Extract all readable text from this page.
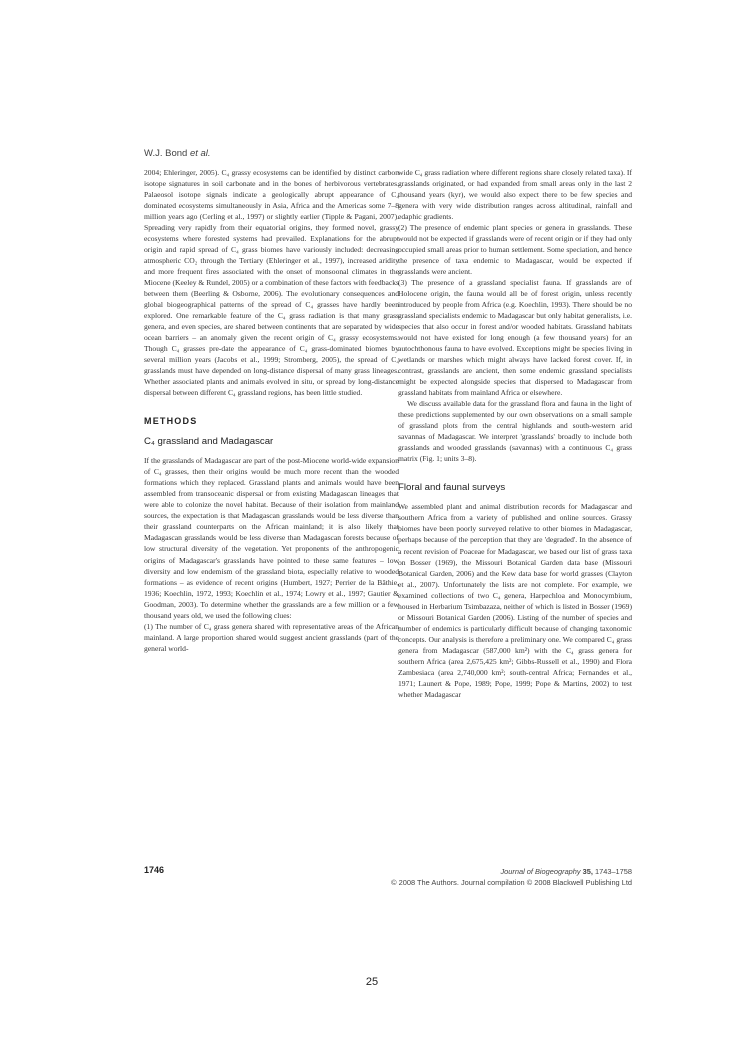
W.J. Bond et al.

2004; Ehleringer, 2005). C₄ grassy ecosystems can be identified by distinct carbon isotope signatures in soil carbonate and in the bones of herbivorous vertebrates. Palaeosol isotope signals indicate a geologically abrupt appearance of C₄ dominated ecosystems simultaneously in Asia, Africa and the Americas some 7–8 million years ago (Cerling et al., 1997) or slightly earlier (Tipple & Pagani, 2007). Spreading very rapidly from their equatorial origins, they formed novel, grassy ecosystems where forested systems had prevailed. Explanations for the abrupt origin and rapid spread of C₄ grass biomes have variously included: decreasing atmospheric CO₂ through the Tertiary (Ehleringer et al., 1997), increased aridity and more frequent fires associated with the onset of monsoonal climates in the Miocene (Keeley & Rundel, 2005) or a combination of these factors with feedbacks between them (Beerling & Osborne, 2006). The evolutionary consequences and global biogeographical patterns of the spread of C₄ grasses have hardly been explored. One remarkable feature of the C₄ grass radiation is that many grass genera, and even species, are shared between continents that are separated by wide ocean barriers – an anomaly given the recent origin of C₄ grassy ecosystems. Though C₄ grasses pre-date the appearance of C₄ grass-dominated biomes by several million years (Jacobs et al., 1999; Stromberg, 2005), the spread of C₄ grasslands must have depended on long-distance dispersal of many grass lineages. Whether associated plants and animals evolved in situ, or spread by long-distance dispersal between different C₄ grassland regions, has been little studied.

METHODS
C₄ grassland and Madagascar

If the grasslands of Madagascar are part of the post-Miocene world-wide expansion of C₄ grasses, then their origins would be much more recent than the wooded formations which they replaced. Grassland plants and animals would have been assembled from transoceanic dispersal or from existing Madagascan lineages that were able to colonize the novel habitat. Because of their isolation from mainland sources, the expectation is that Madagascan grasslands would be less diverse than their grassland counterparts on the African mainland; it is also likely that Madagascan grasslands would be less diverse than Madagascan forests because of low structural diversity of the vegetation. Yet proponents of the anthropogenic origins of Madagascar's grasslands have pointed to these same features – low diversity and low endemism of the grassland biota, especially relative to wooded formations – as evidence of recent origins (Humbert, 1927; Perrier de la Bâthie, 1936; Koechlin, 1972, 1993; Koechlin et al., 1974; Lowry et al., 1997; Gautier & Goodman, 2003). To determine whether the grasslands are a few million or a few thousand years old, we used the following clues:

(1) The number of C₄ grass genera shared with representative areas of the African mainland. A large proportion shared would suggest ancient grasslands (part of the general world-

wide C₄ grass radiation where different regions share closely related taxa). If grasslands originated, or had expanded from small areas only in the last 2 thousand years (kyr), we would also expect there to be few species and genera with very wide distribution ranges across altitudinal, rainfall and edaphic gradients.

(2) The presence of endemic plant species or genera in grasslands. These would not be expected if grasslands were of recent origin or if they had only occupied small areas prior to human settlement. Some speciation, and hence the presence of taxa endemic to Madagascar, would be expected if grasslands were ancient.

(3) The presence of a grassland specialist fauna. If grasslands are of Holocene origin, the fauna would all be of forest origin, unless recently introduced by people from Africa (e.g. Koechlin, 1993). There should be no grassland specialists endemic to Madagascar but only habitat generalists, i.e. species that also occur in forest and/or wooded habitats. Grassland habitats would not have existed for long enough (a few thousand years) for an autochthonous fauna to have evolved. Exceptions might be species living in wetlands or marshes which might always have lacked forest cover. If, in contrast, grasslands are ancient, then some endemic grassland specialists might be expected alongside species that dispersed to Madagascar from grassland habitats from mainland Africa or elsewhere.

We discuss available data for the grassland flora and fauna in the light of these predictions supplemented by our own observations on a small sample of grassland plots from the central highlands and south-western arid savannas of Madagascar. We interpret 'grasslands' broadly to include both grasslands and wooded grasslands (savannas) with a continuous C₄ grass matrix (Fig. 1; units 3–8).

Floral and faunal surveys

We assembled plant and animal distribution records for Madagascar and southern Africa from a variety of published and online sources. Grassy biomes have been poorly surveyed relative to other biomes in Madagascar, perhaps because of the perception that they are 'degraded'. In the absence of a recent revision of Poaceae for Madagascar, we based our list of grass taxa on Bosser (1969), the Missouri Botanical Garden data base (Missouri Botanical Garden, 2006) and the Kew data base for world grasses (Clayton et al., 2007). Unfortunately the lists are not complete. For example, we examined collections of two C₄ genera, Harpechloa and Monocymbium, housed in Herbarium Tsimbazaza, neither of which is listed in Bosser (1969) or Missouri Botanical Garden (2006). Listing of the number of species and number of endemics is particularly difficult because of changing taxonomic concepts. Our analysis is therefore a preliminary one. We compared C₄ grass genera from Madagascar (587,000 km²) with the C₄ grass genera for southern Africa (area 2,675,425 km²; Gibbs-Russell et al., 1990) and Flora Zambesiaca (area 2,740,000 km²; south-central Africa; Fernandes et al., 1971; Launert & Pope, 1989; Pope, 1999; Pope & Martins, 2002) to test whether Madagascar

1746	Journal of Biogeography 35, 1743–1758
© 2008 The Authors. Journal compilation © 2008 Blackwell Publishing Ltd
25
